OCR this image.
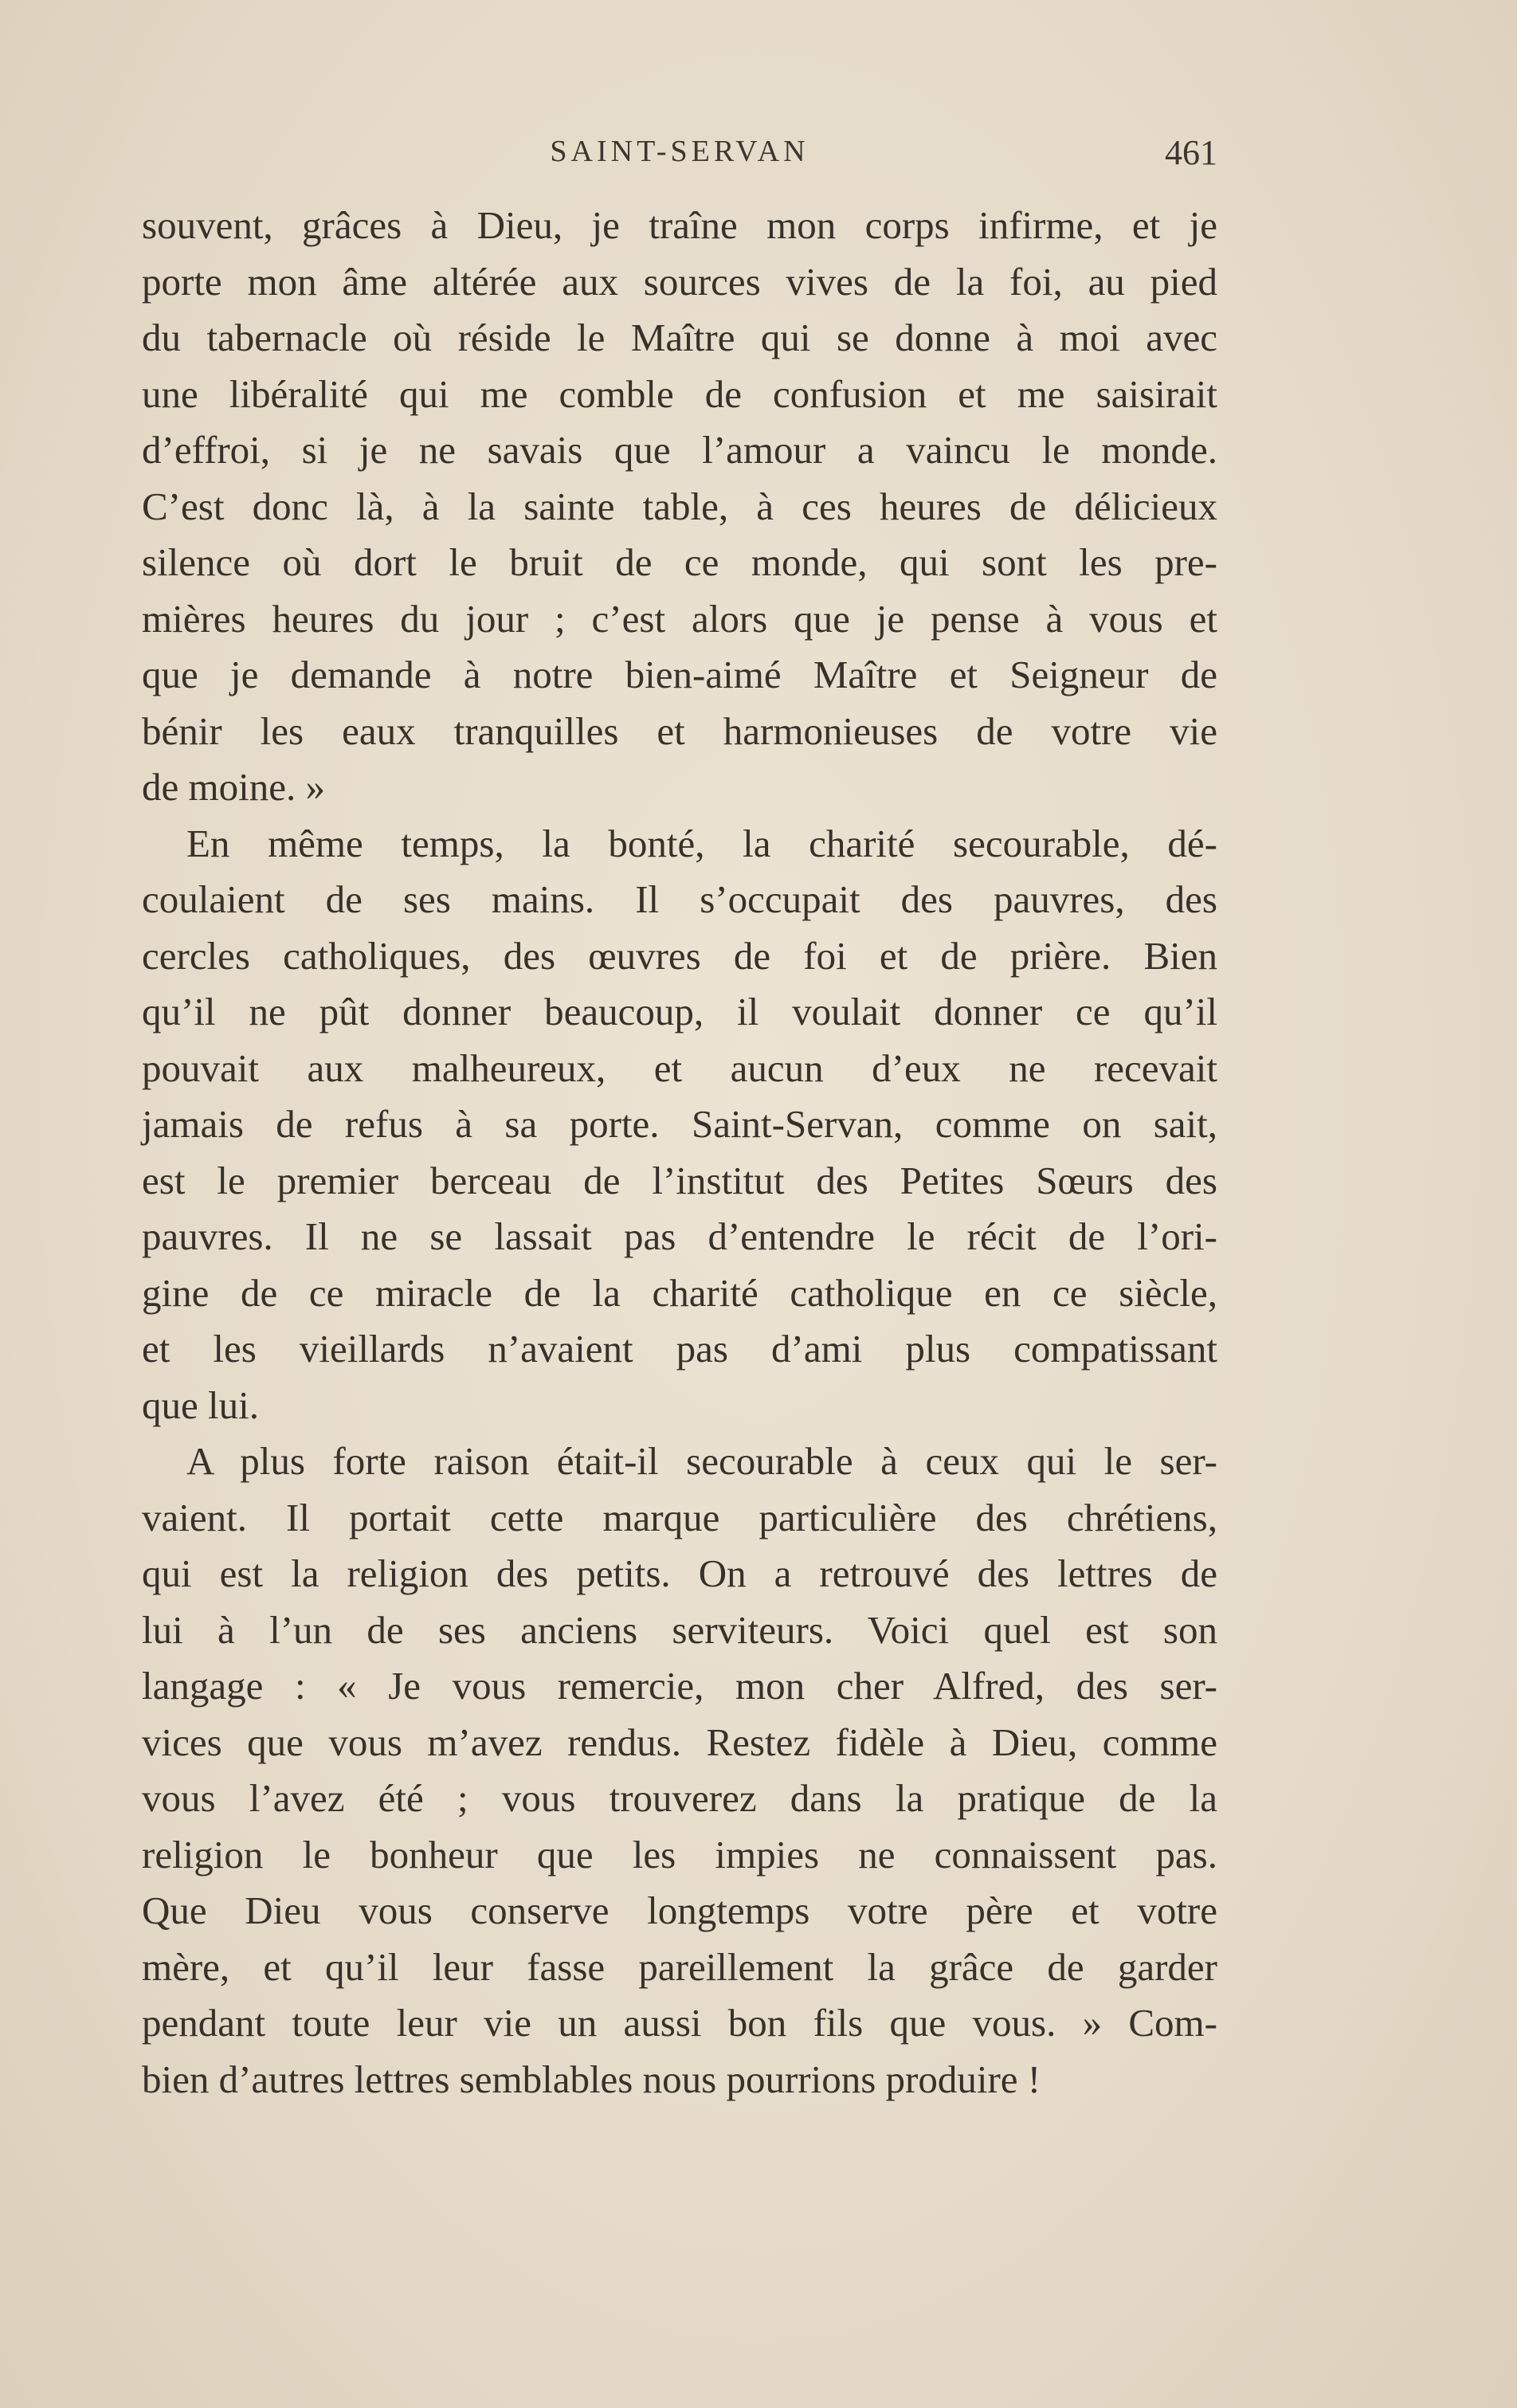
SAINT-SERVAN	461
souvent, grâces à Dieu, je traîne mon corps infirme, et je
porte mon âme altérée aux sources vives de la foi, au pied
du tabernacle où réside le Maître qui se donne à moi avec
une libéralité qui me comble de confusion et me saisirait
d’effroi, si je ne savais que l’amour a vaincu le monde.
C’est donc là, à la sainte table, à ces heures de délicieux
silence où dort le bruit de ce monde, qui sont les pre-
mières heures du jour ; c’est alors que je pense à vous et
que je demande à notre bien-aimé Maître et Seigneur de
bénir les eaux tranquilles et harmonieuses de votre vie
de moine. »
En même temps, la bonté, la charité secourable, dé-
coulaient de ses mains. Il s’occupait des pauvres, des
cercles catholiques, des œuvres de foi et de prière. Bien
qu’il ne pût donner beaucoup, il voulait donner ce qu’il
pouvait aux malheureux, et aucun d’eux ne recevait
jamais de refus à sa porte. Saint-Servan, comme on sait,
est le premier berceau de l’institut des Petites Sœurs des
pauvres. Il ne se lassait pas d’entendre le récit de l’ori-
gine de ce miracle de la charité catholique en ce siècle,
et les vieillards n’avaient pas d’ami plus compatissant
que lui.
A plus forte raison était-il secourable à ceux qui le ser-
vaient. Il portait cette marque particulière des chrétiens,
qui est la religion des petits. On a retrouvé des lettres de
lui à l’un de ses anciens serviteurs. Voici quel est son
langage : « Je vous remercie, mon cher Alfred, des ser-
vices que vous m’avez rendus. Restez fidèle à Dieu, comme
vous l’avez été ; vous trouverez dans la pratique de la
religion le bonheur que les impies ne connaissent pas.
Que Dieu vous conserve longtemps votre père et votre
mère, et qu’il leur fasse pareillement la grâce de garder
pendant toute leur vie un aussi bon fils que vous. » Com-
bien d’autres lettres semblables nous pourrions produire !
